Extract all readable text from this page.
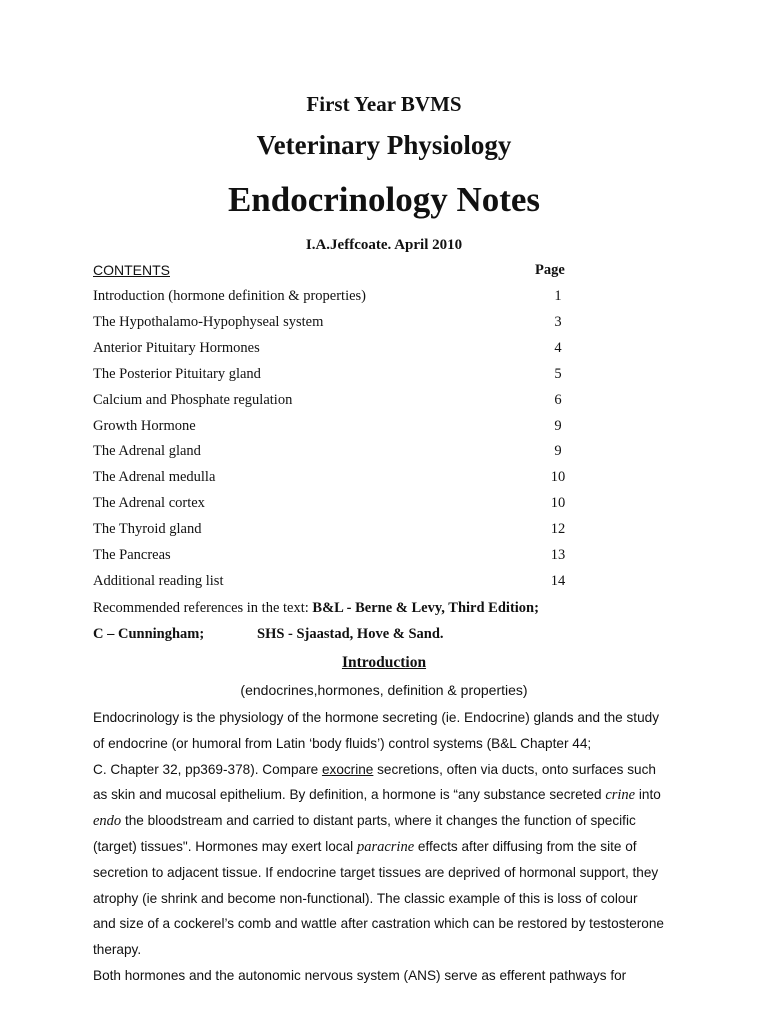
First Year BVMS
Veterinary Physiology
Endocrinology Notes
I.A.Jeffcoate. April 2010
CONTENTS	Page
Introduction (hormone definition & properties)	1
The Hypothalamo-Hypophyseal system	3
Anterior Pituitary Hormones	4
The Posterior Pituitary gland	5
Calcium and Phosphate regulation	6
Growth Hormone	9
The Adrenal gland	9
The Adrenal medulla	10
The Adrenal cortex	10
The Thyroid gland	12
The Pancreas	13
Additional reading list	14
Recommended references in the text: B&L - Berne & Levy, Third Edition;
C – Cunningham;	SHS - Sjaastad, Hove & Sand.
Introduction
(endocrines,hormones, definition & properties)
Endocrinology is the physiology of the hormone secreting (ie. Endocrine) glands and the study
of endocrine (or humoral from Latin ‘body fluids’) control systems (B&L Chapter 44;
C. Chapter 32, pp369-378). Compare exocrine secretions, often via ducts, onto surfaces such
as skin and mucosal epithelium. By definition, a hormone is “any substance secreted crine into
endo the bloodstream and carried to distant parts, where it changes the function of specific
(target) tissues". Hormones may exert local paracrine effects after diffusing from the site of
secretion to adjacent tissue. If endocrine target tissues are deprived of hormonal support, they
atrophy (ie shrink and become non-functional). The classic example of this is loss of colour
and size of a cockerel’s comb and wattle after castration which can be restored by testosterone
therapy.
Both hormones and the autonomic nervous system (ANS) serve as efferent pathways for
